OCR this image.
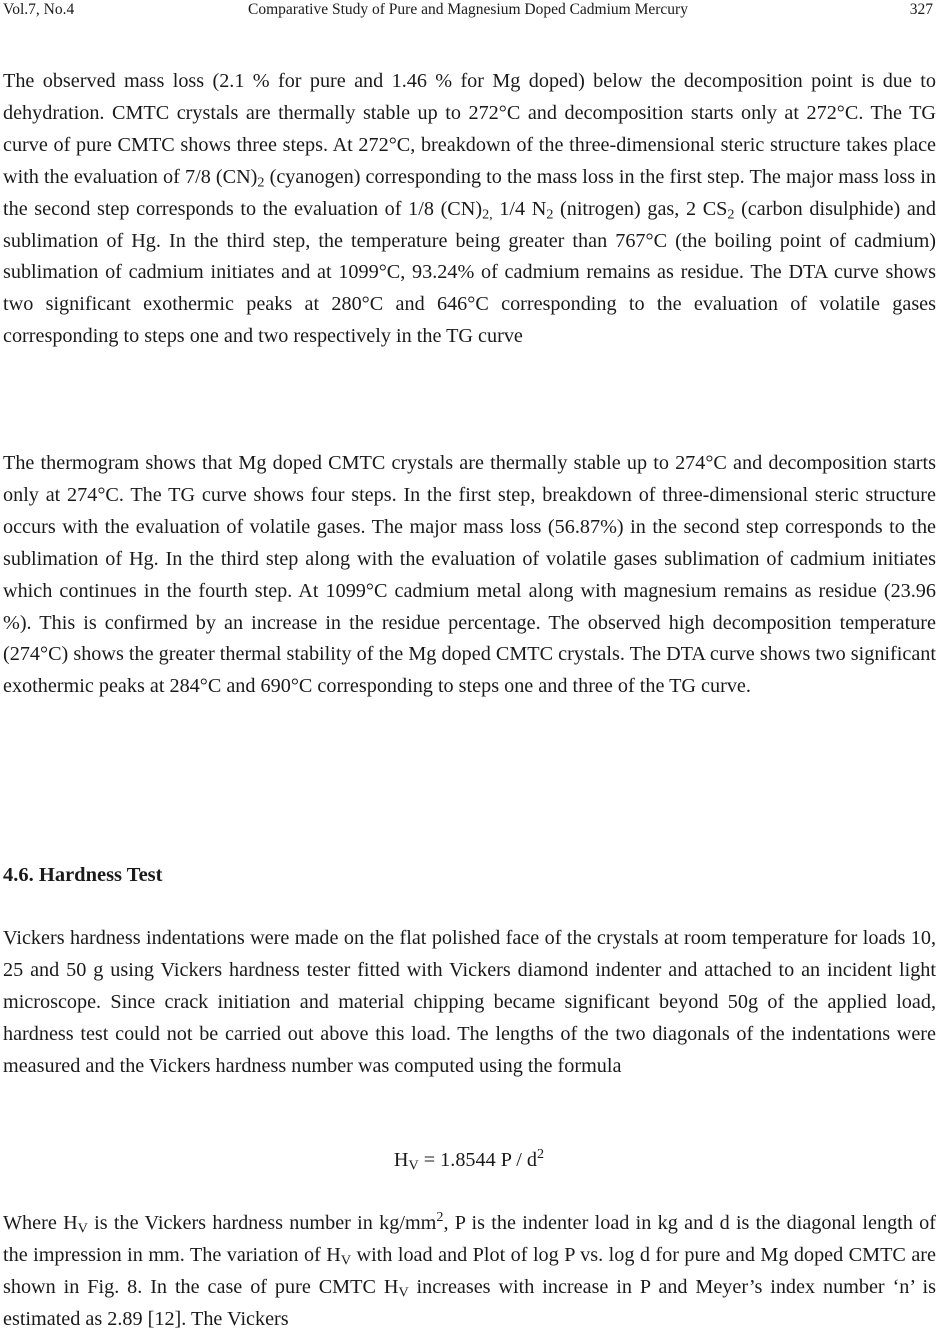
Vol.7, No.4	Comparative Study of Pure and Magnesium Doped Cadmium Mercury	327

The observed mass loss (2.1 % for pure and 1.46 % for Mg doped) below the decomposition point is due to dehydration. CMTC crystals are thermally stable up to 272°C and decomposition starts only at 272°C. The TG curve of pure CMTC shows three steps. At 272°C, breakdown of the three-dimensional steric structure takes place with the evaluation of 7/8 $(CN)_2$ (cyanogen) corresponding to the mass loss in the first step. The major mass loss in the second step corresponds to the evaluation of 1/8 $(CN)_{2,}$ 1/4 $N_2$ (nitrogen) gas, 2 $CS_2$ (carbon disulphide) and sublimation of Hg. In the third step, the temperature being greater than 767°C (the boiling point of cadmium) sublimation of cadmium initiates and at 1099°C, 93.24% of cadmium remains as residue. The DTA curve shows two significant exothermic peaks at 280°C and 646°C corresponding to the evaluation of volatile gases corresponding to steps one and two respectively in the TG curve

The thermogram shows that Mg doped CMTC crystals are thermally stable up to 274°C and decomposition starts only at 274°C. The TG curve shows four steps. In the first step, breakdown of three-dimensional steric structure occurs with the evaluation of volatile gases. The major mass loss (56.87%) in the second step corresponds to the sublimation of Hg. In the third step along with the evaluation of volatile gases sublimation of cadmium initiates which continues in the fourth step. At 1099°C cadmium metal along with magnesium remains as residue (23.96 %). This is confirmed by an increase in the residue percentage. The observed high decomposition temperature (274°C) shows the greater thermal stability of the Mg doped CMTC crystals. The DTA curve shows two significant exothermic peaks at 284°C and 690°C corresponding to steps one and three of the TG curve.

4.6. Hardness Test

Vickers hardness indentations were made on the flat polished face of the crystals at room temperature for loads 10, 25 and 50 g using Vickers hardness tester fitted with Vickers diamond indenter and attached to an incident light microscope. Since crack initiation and material chipping became significant beyond 50g of the applied load, hardness test could not be carried out above this load. The lengths of the two diagonals of the indentations were measured and the Vickers hardness number was computed using the formula

$H_V = 1.8544$ P / $d^2$

Where $H_V$ is the Vickers hardness number in $kg/mm^2$, P is the indenter load in kg and d is the diagonal length of the impression in mm. The variation of $H_V$ with load and Plot of log P vs. log d for pure and Mg doped CMTC are shown in Fig. 8. In the case of pure CMTC $H_V$ increases with increase in P and Meyer’s index number ‘n’ is estimated as 2.89 [12]. The Vickers
